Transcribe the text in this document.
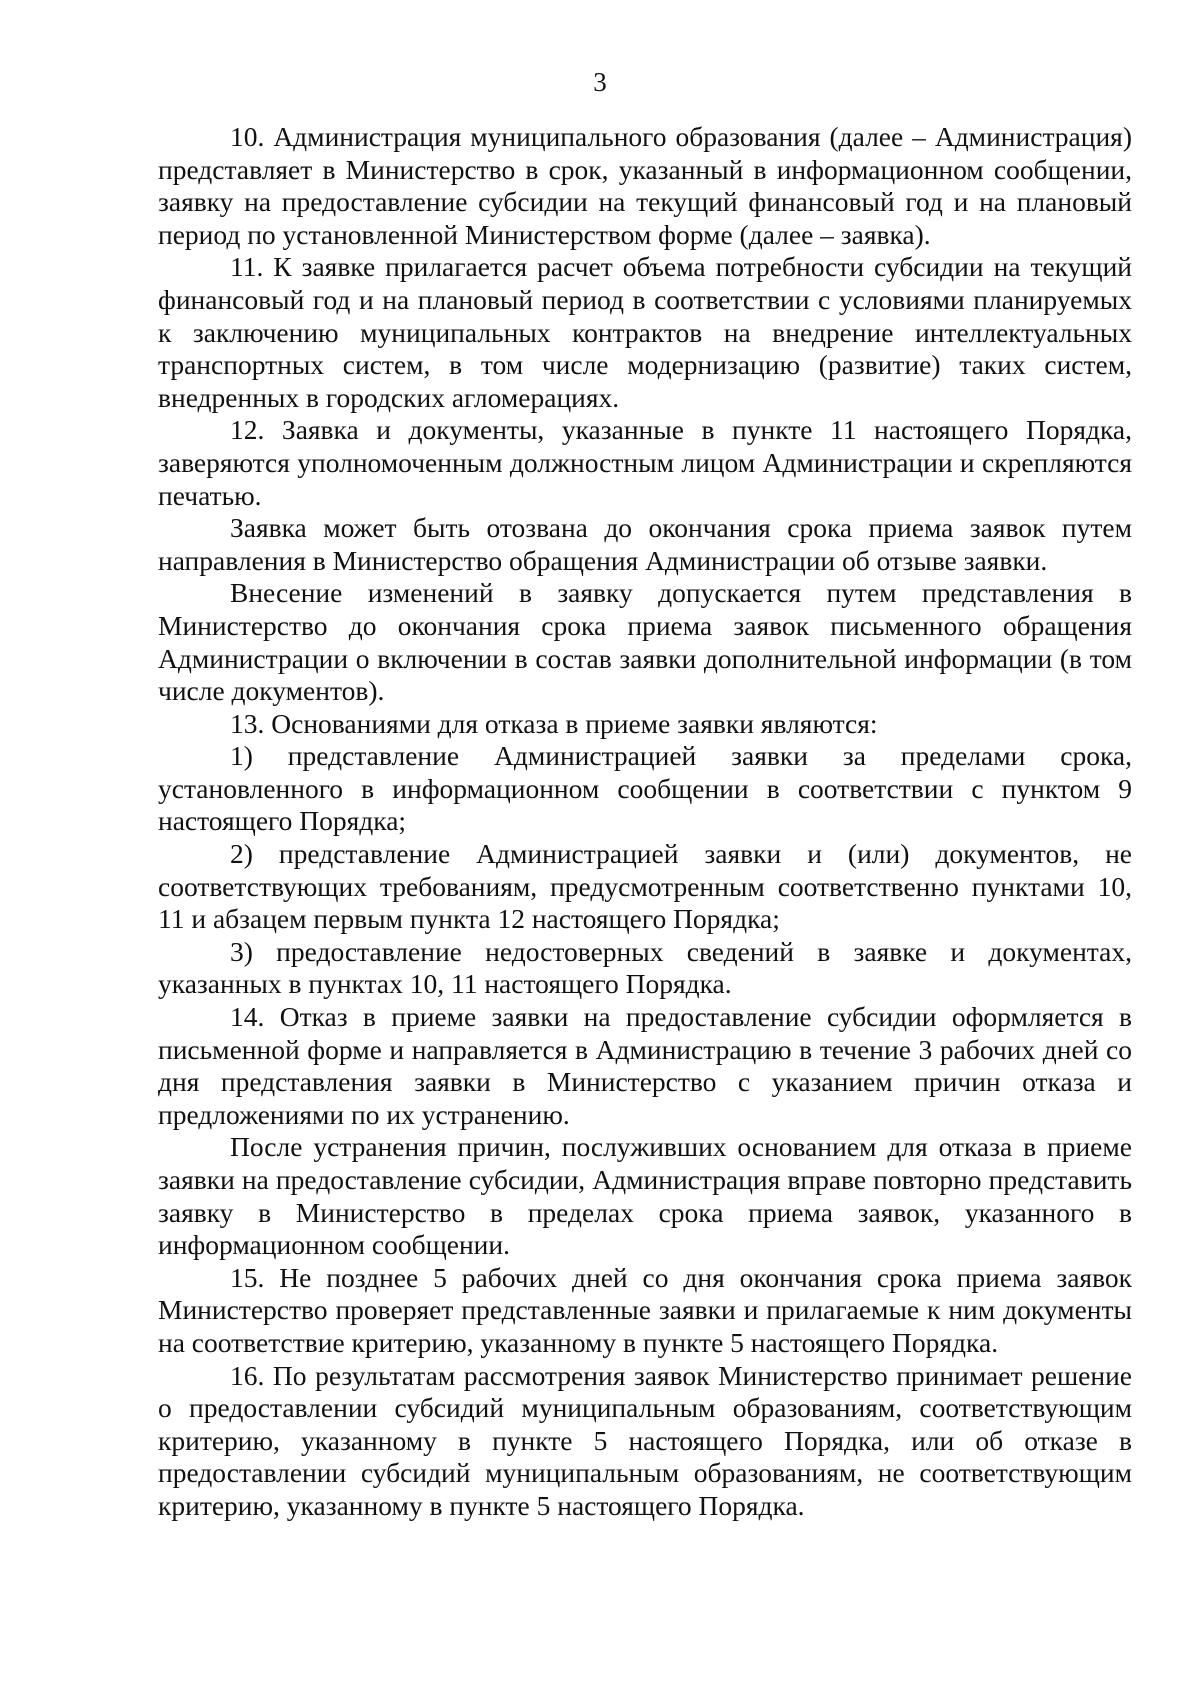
3

10. Администрация муниципального образования (далее – Администрация) представляет в Министерство в срок, указанный в информационном сообщении, заявку на предоставление субсидии на текущий финансовый год и на плановый период по установленной Министерством форме (далее – заявка).

11. К заявке прилагается расчет объема потребности субсидии на текущий финансовый год и на плановый период в соответствии с условиями планируемых к заключению муниципальных контрактов на внедрение интеллектуальных транспортных систем, в том числе модернизацию (развитие) таких систем, внедренных в городских агломерациях.

12. Заявка и документы, указанные в пункте 11 настоящего Порядка, заверяются уполномоченным должностным лицом Администрации и скрепляются печатью.

Заявка может быть отозвана до окончания срока приема заявок путем направления в Министерство обращения Администрации об отзыве заявки.

Внесение изменений в заявку допускается путем представления в Министерство до окончания срока приема заявок письменного обращения Администрации о включении в состав заявки дополнительной информации (в том числе документов).

13. Основаниями для отказа в приеме заявки являются:

1) представление Администрацией заявки за пределами срока, установленного в информационном сообщении в соответствии с пунктом 9 настоящего Порядка;

2) представление Администрацией заявки и (или) документов, не соответствующих требованиям, предусмотренным соответственно пунктами 10, 11 и абзацем первым пункта 12 настоящего Порядка;

3) предоставление недостоверных сведений в заявке и документах, указанных в пунктах 10, 11 настоящего Порядка.

14. Отказ в приеме заявки на предоставление субсидии оформляется в письменной форме и направляется в Администрацию в течение 3 рабочих дней со дня представления заявки в Министерство с указанием причин отказа и предложениями по их устранению.

После устранения причин, послуживших основанием для отказа в приеме заявки на предоставление субсидии, Администрация вправе повторно представить заявку в Министерство в пределах срока приема заявок, указанного в информационном сообщении.

15. Не позднее 5 рабочих дней со дня окончания срока приема заявок Министерство проверяет представленные заявки и прилагаемые к ним документы на соответствие критерию, указанному в пункте 5 настоящего Порядка.

16. По результатам рассмотрения заявок Министерство принимает решение о предоставлении субсидий муниципальным образованиям, соответствующим критерию, указанному в пункте 5 настоящего Порядка, или об отказе в предоставлении субсидий муниципальным образованиям, не соответствующим критерию, указанному в пункте 5 настоящего Порядка.
